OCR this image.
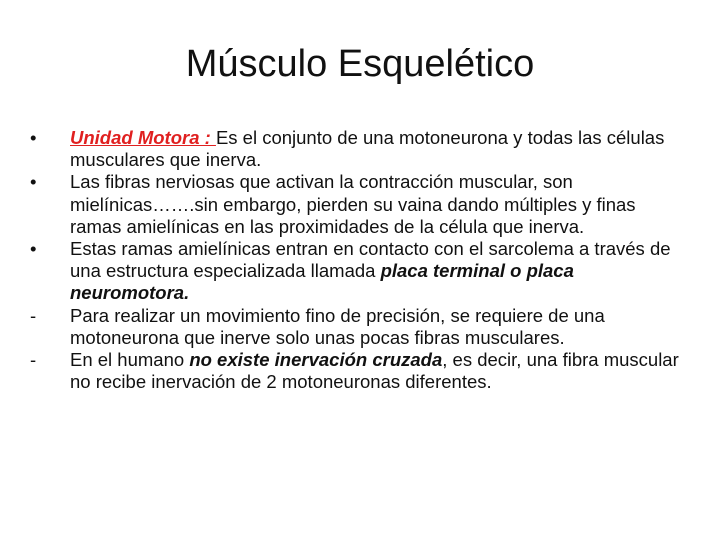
Músculo Esquelético
•	Unidad Motora : Es el conjunto de una motoneurona y todas las células musculares que inerva.
•	Las fibras nerviosas que activan la contracción muscular, son mielínicas…….sin embargo, pierden su vaina dando múltiples y finas ramas amielínicas en las proximidades de la célula que inerva.
•	Estas ramas amielínicas entran en contacto con el sarcolema a través de una estructura especializada llamada placa terminal o placa neuromotora.
-	Para realizar un movimiento fino de precisión, se requiere de una motoneurona que inerve solo unas pocas fibras musculares.
-	En el humano no existe inervación cruzada, es decir, una fibra muscular no recibe inervación de 2 motoneuronas diferentes.
